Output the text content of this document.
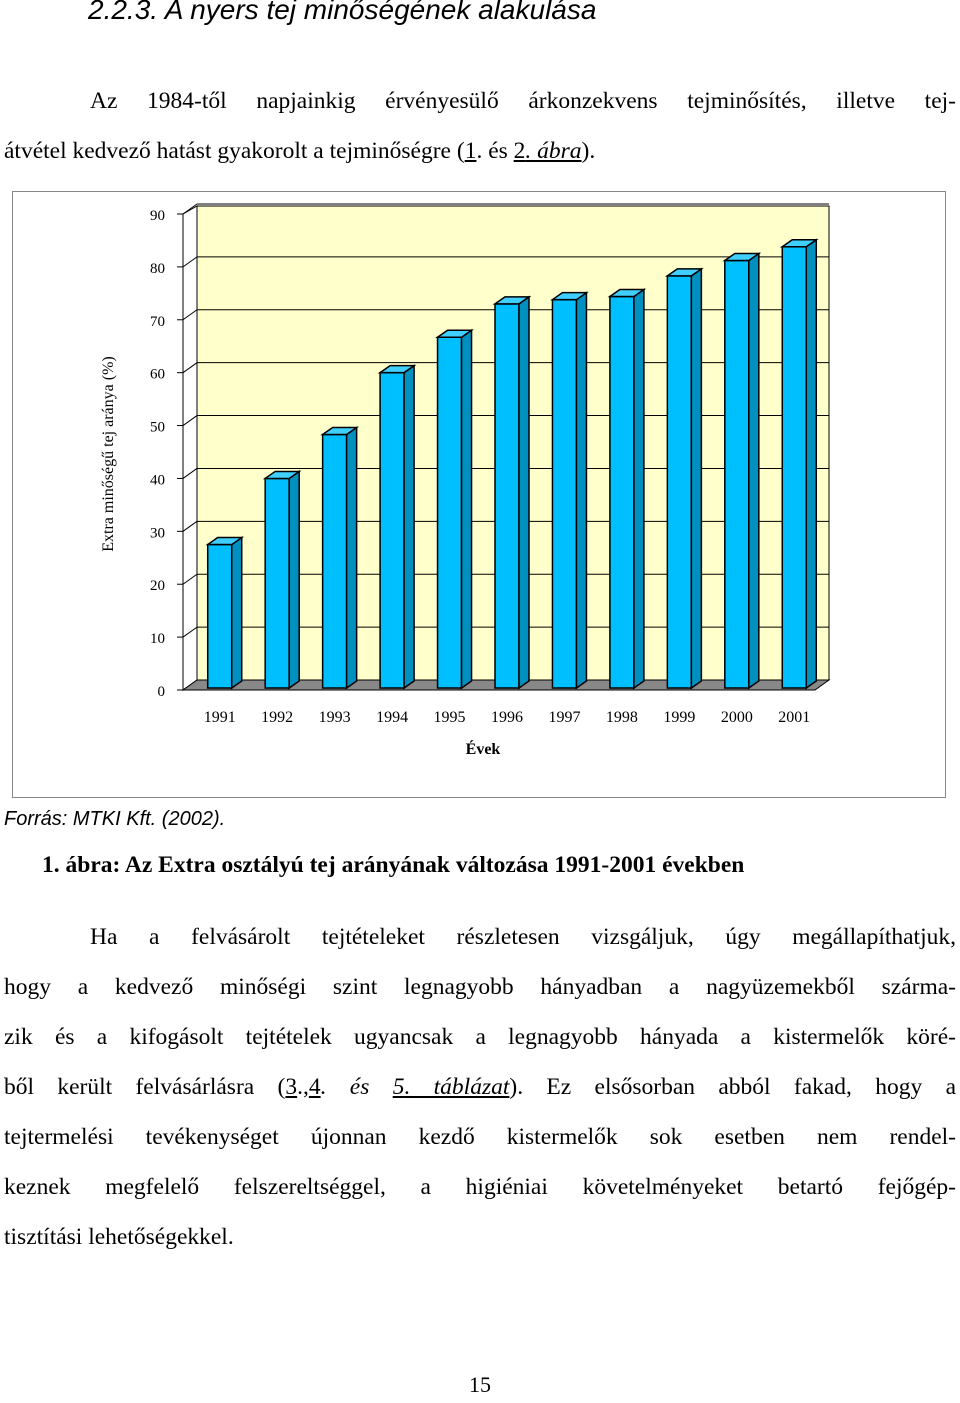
2.2.3. A nyers tej minőségének alakulása
Az 1984-től napjainkig érvényesülő árkonzekvens tejminősítés, illetve tej-
átvétel kedvező hatást gyakorolt a tejminőségre (1. és 2. ábra).
0
10
20
30
40
50
60
70
80
90
Extra minőségű tej aránya (%)
1991 1992 1993 1994 1995 1996 1997 1998 1999 2000 2001
Évek
Forrás: MTKI Kft. (2002).
1. ábra: Az Extra osztályú tej arányának változása 1991-2001 években
Ha a felvásárolt tejtételeket részletesen vizsgáljuk, úgy megállapíthatjuk,
hogy a kedvező minőségi szint legnagyobb hányadban a nagyüzemekből szárma-
zik és a kifogásolt tejtételek ugyancsak a legnagyobb hányada a kistermelők köré-
ből került felvásárlásra (3.,4. és 5. táblázat). Ez elsősorban abból fakad, hogy a
tejtermelési tevékenységet újonnan kezdő kistermelők sok esetben nem rendel-
keznek megfelelő felszereltséggel, a higiéniai követelményeket betartó fejőgép-
tisztítási lehetőségekkel.
15
